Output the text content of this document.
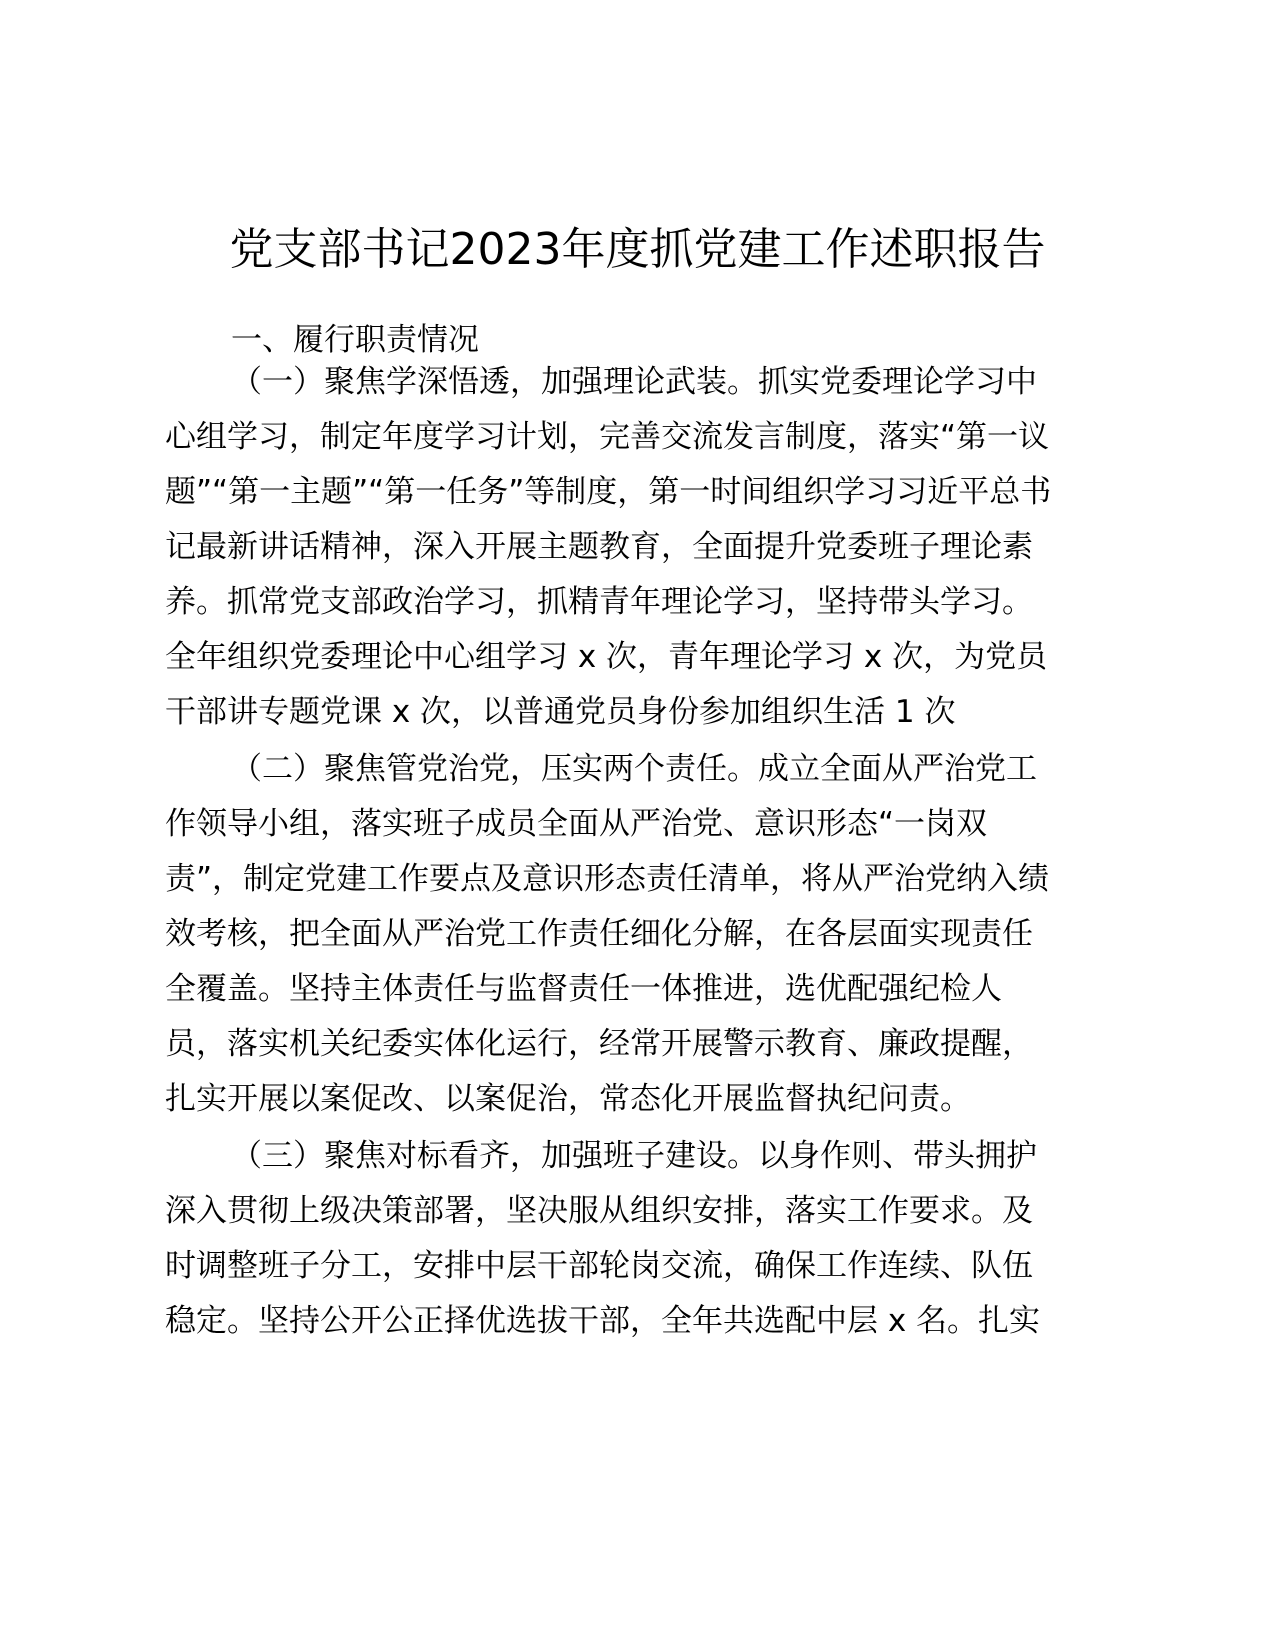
党支部书记2023年度抓党建工作述职报告

一、履行职责情况

（一）聚焦学深悟透，加强理论武装。抓实党委理论学习中

心组学习，制定年度学习计划，完善交流发言制度，落实“第一议

题”“第一主题”“第一任务”等制度，第一时间组织学习习近平总书

记最新讲话精神，深入开展主题教育，全面提升党委班子理论素

养。抓常党支部政治学习，抓精青年理论学习，坚持带头学习。

全年组织党委理论中心组学习 x 次，青年理论学习 x 次，为党员

干部讲专题党课 x 次，以普通党员身份参加组织生活 1 次

（二）聚焦管党治党，压实两个责任。成立全面从严治党工

作领导小组，落实班子成员全面从严治党、意识形态“一岗双

责”，制定党建工作要点及意识形态责任清单，将从严治党纳入绩

效考核，把全面从严治党工作责任细化分解，在各层面实现责任

全覆盖。坚持主体责任与监督责任一体推进，选优配强纪检人

员，落实机关纪委实体化运行，经常开展警示教育、廉政提醒，

扎实开展以案促改、以案促治，常态化开展监督执纪问责。

（三）聚焦对标看齐，加强班子建设。以身作则、带头拥护

深入贯彻上级决策部署，坚决服从组织安排，落实工作要求。及

时调整班子分工，安排中层干部轮岗交流，确保工作连续、队伍

稳定。坚持公开公正择优选拔干部，全年共选配中层 x 名。扎实
